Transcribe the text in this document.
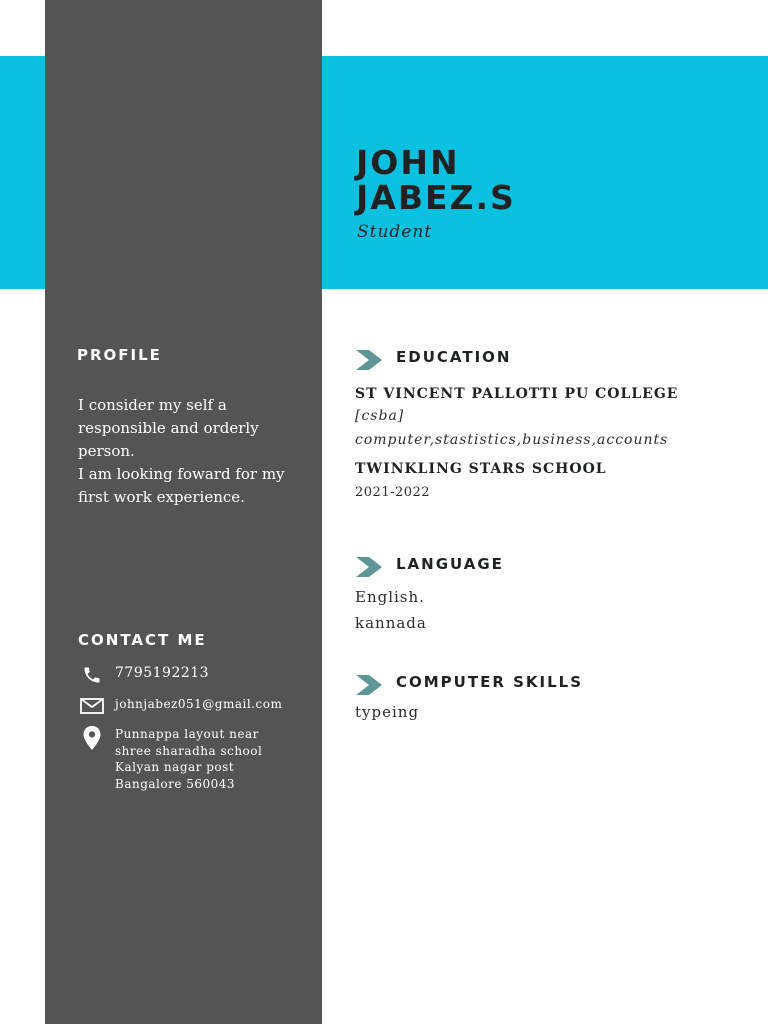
JOHN
JABEZ.S
Student
PROFILE

I consider my self a responsible and orderly person.

I am looking foward for my first work experience.

CONTACT ME
7795192213
johnjabez051@gmail.com
Punnappa layout near
shree sharadha school
Kalyan nagar post
Bangalore 560043
EDUCATION
ST VINCENT PALLOTTI PU COLLEGE
[csba]
computer,stastistics,business,accounts
TWINKLING STARS SCHOOL
2021-2022
LANGUAGE
English.
kannada
COMPUTER SKILLS
typeing
